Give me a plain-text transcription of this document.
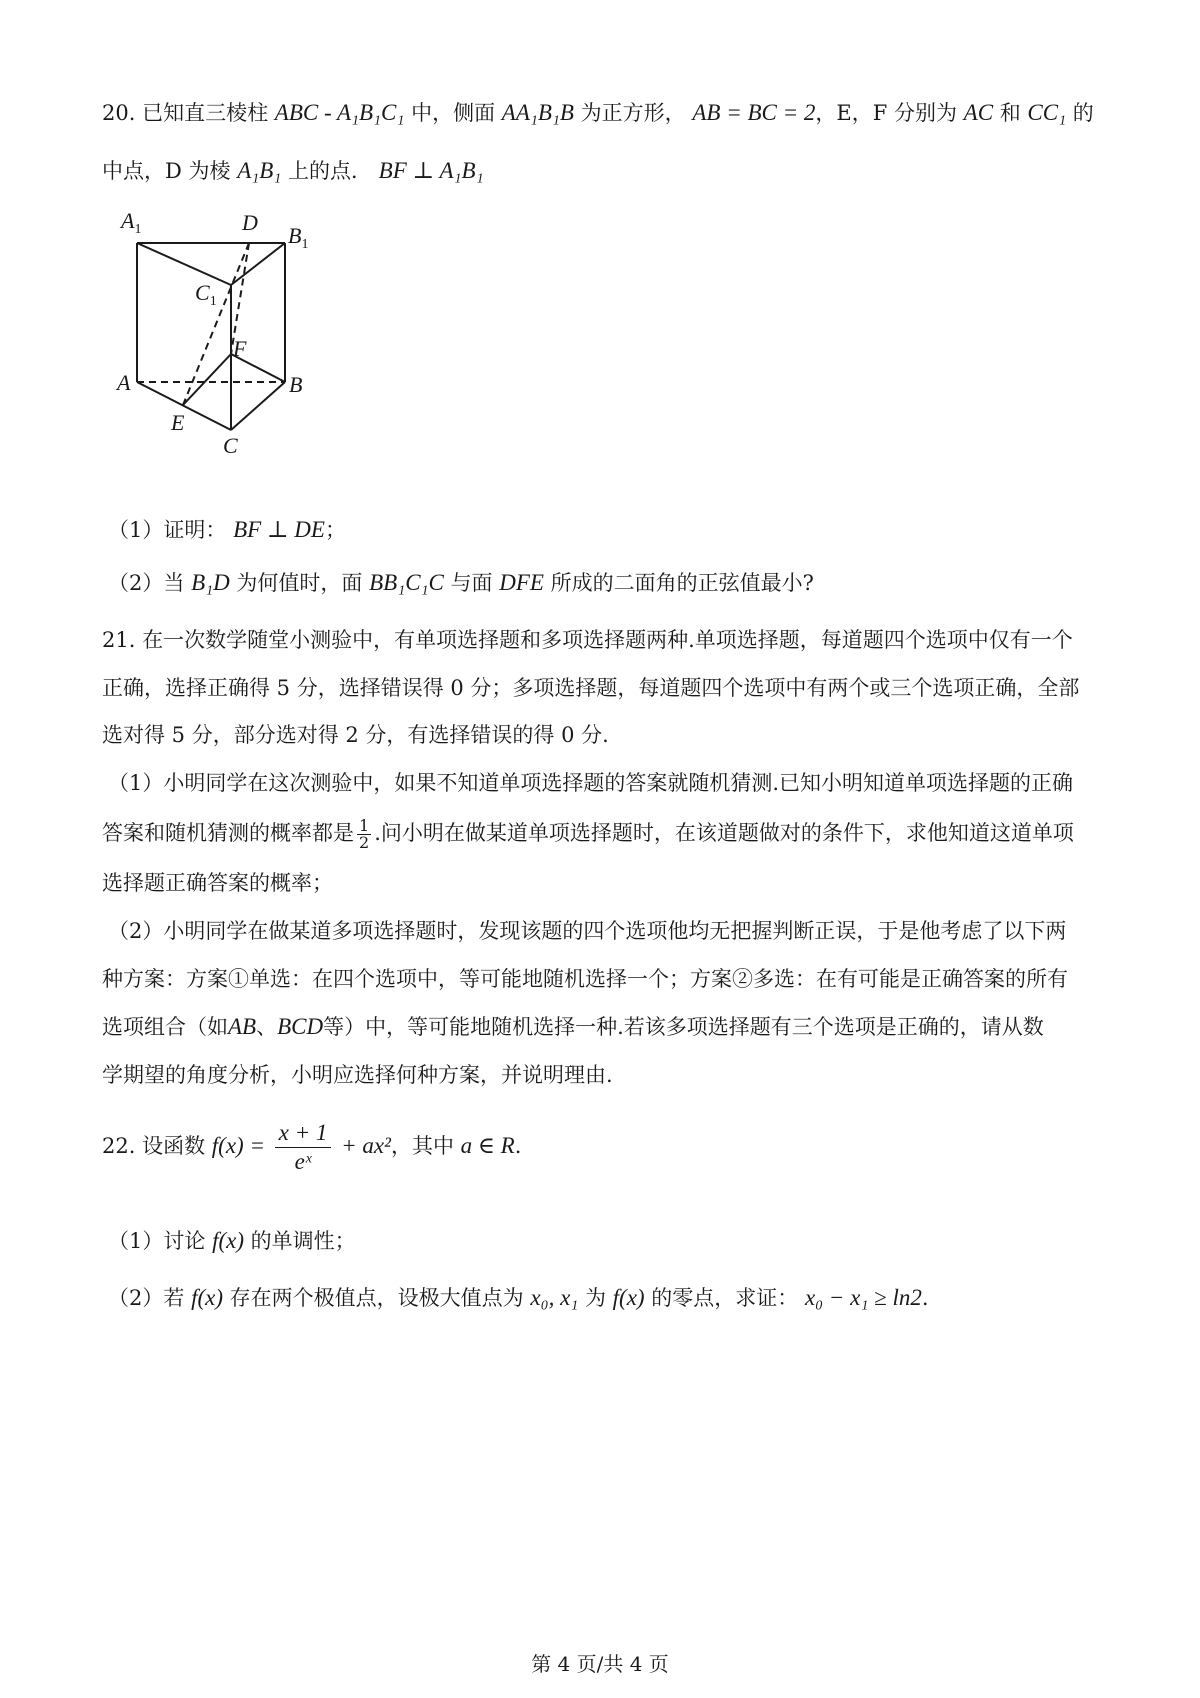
20. 已知直三棱柱 ABC - A₁B₁C₁ 中，侧面 AA₁B₁B 为正方形， AB = BC = 2，E，F 分别为 AC 和 CC₁ 的
中点，D 为棱 A₁B₁ 上的点． BF ⊥ A₁B₁
$A_1$	D
$B_1$
$C_1$
F
A	B
E
C
（1）证明： BF ⊥ DE；
（2）当 B₁D 为何值时，面 BB₁C₁C 与面 DFE 所成的二面角的正弦值最小?
21. 在一次数学随堂小测验中，有单项选择题和多项选择题两种.单项选择题，每道题四个选项中仅有一个
正确，选择正确得 5 分，选择错误得 0 分；多项选择题，每道题四个选项中有两个或三个选项正确，全部
选对得 5 分，部分选对得 2 分，有选择错误的得 0 分.
（1）小明同学在这次测验中，如果不知道单项选择题的答案就随机猜测.已知小明知道单项选择题的正确
答案和随机猜测的概率都是 $\frac{1}{2}$ .问小明在做某道单项选择题时，在该道题做对的条件下，求他知道这道单项
选择题正确答案的概率；
（2）小明同学在做某道多项选择题时，发现该题的四个选项他均无把握判断正误，于是他考虑了以下两
种方案：方案①单选：在四个选项中，等可能地随机选择一个；方案②多选：在有可能是正确答案的所有
选项组合（如AB、BCD等）中，等可能地随机选择一种.若该多项选择题有三个选项是正确的，请从数
学期望的角度分析，小明应选择何种方案，并说明理由.
22. 设函数 $f(x) = \frac{x + 1}{\text{eˣ}} + ax^2$，其中 a ∈ R.
（1）讨论 f(x) 的单调性；
（2）若 f(x) 存在两个极值点，设极大值点为 x₀, x₁ 为 f(x) 的零点，求证： x₀ − x₁ ≥ ln2.
第 4 页/共 4 页
